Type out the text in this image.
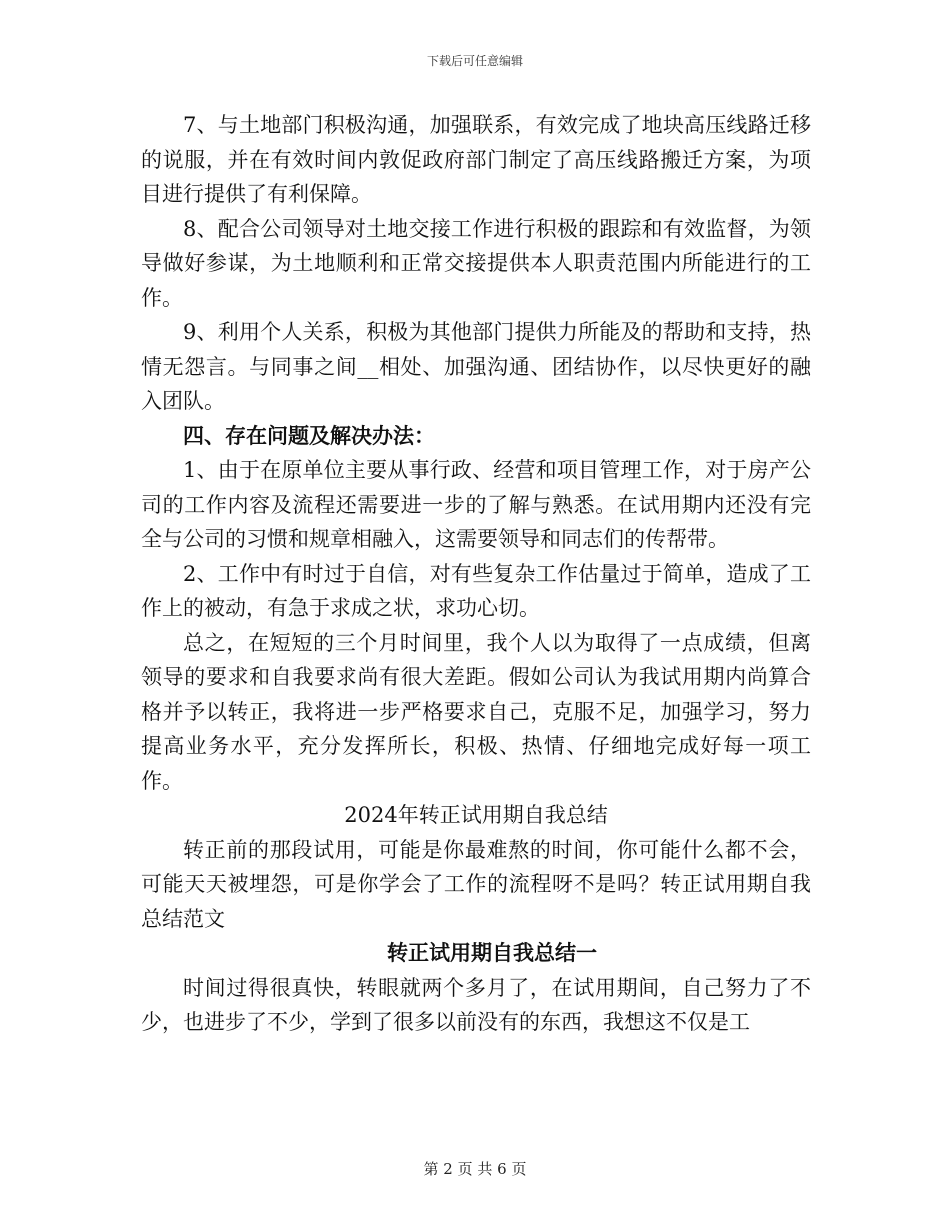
下载后可任意编辑

7、与土地部门积极沟通，加强联系，有效完成了地块高压线路迁移的说服，并在有效时间内敦促政府部门制定了高压线路搬迁方案，为项目进行提供了有利保障。

8、配合公司领导对土地交接工作进行积极的跟踪和有效监督，为领导做好参谋，为土地顺利和正常交接提供本人职责范围内所能进行的工作。

9、利用个人关系，积极为其他部门提供力所能及的帮助和支持，热情无怨言。与同事之间__相处、加强沟通、团结协作，以尽快更好的融入团队。

四、存在问题及解决办法：

1、由于在原单位主要从事行政、经营和项目管理工作，对于房产公司的工作内容及流程还需要进一步的了解与熟悉。在试用期内还没有完全与公司的习惯和规章相融入，这需要领导和同志们的传帮带。

2、工作中有时过于自信，对有些复杂工作估量过于简单，造成了工作上的被动，有急于求成之状，求功心切。

总之，在短短的三个月时间里，我个人以为取得了一点成绩，但离领导的要求和自我要求尚有很大差距。假如公司认为我试用期内尚算合格并予以转正，我将进一步严格要求自己，克服不足，加强学习，努力提高业务水平，充分发挥所长，积极、热情、仔细地完成好每一项工作。

2024年转正试用期自我总结

转正前的那段试用，可能是你最难熬的时间，你可能什么都不会，可能天天被埋怨，可是你学会了工作的流程呀不是吗？转正试用期自我总结范文

转正试用期自我总结一

时间过得很真快，转眼就两个多月了，在试用期间，自己努力了不少，也进步了不少，学到了很多以前没有的东西，我想这不仅是工

第 2 页 共 6 页
